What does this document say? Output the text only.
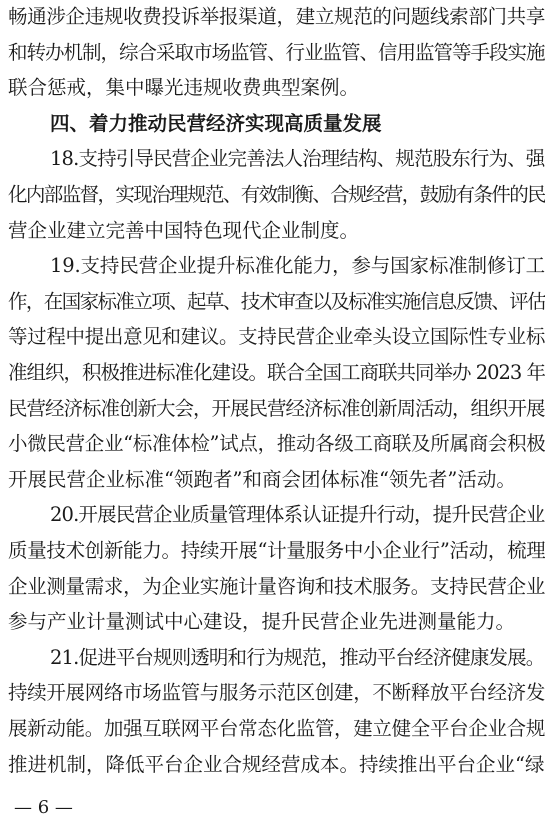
畅通涉企违规收费投诉举报渠道，建立规范的问题线索部门共享
和转办机制，综合采取市场监管、行业监管、信用监管等手段实施
联合惩戒，集中曝光违规收费典型案例。
四、着力推动民营经济实现高质量发展
18.支持引导民营企业完善法人治理结构、规范股东行为、强
化内部监督，实现治理规范、有效制衡、合规经营，鼓励有条件的民
营企业建立完善中国特色现代企业制度。
19.支持民营企业提升标准化能力，参与国家标准制修订工
作，在国家标准立项、起草、技术审查以及标准实施信息反馈、评估
等过程中提出意见和建议。支持民营企业牵头设立国际性专业标
准组织，积极推进标准化建设。联合全国工商联共同举办 2023 年
民营经济标准创新大会，开展民营经济标准创新周活动，组织开展
小微民营企业“标准体检”试点，推动各级工商联及所属商会积极
开展民营企业标准“领跑者”和商会团体标准“领先者”活动。
20.开展民营企业质量管理体系认证提升行动，提升民营企业
质量技术创新能力。持续开展“计量服务中小企业行”活动，梳理
企业测量需求，为企业实施计量咨询和技术服务。支持民营企业
参与产业计量测试中心建设，提升民营企业先进测量能力。
21.促进平台规则透明和行为规范，推动平台经济健康发展。
持续开展网络市场监管与服务示范区创建，不断释放平台经济发
展新动能。加强互联网平台常态化监管，建立健全平台企业合规
推进机制，降低平台企业合规经营成本。持续推出平台企业“绿
— 6 —
